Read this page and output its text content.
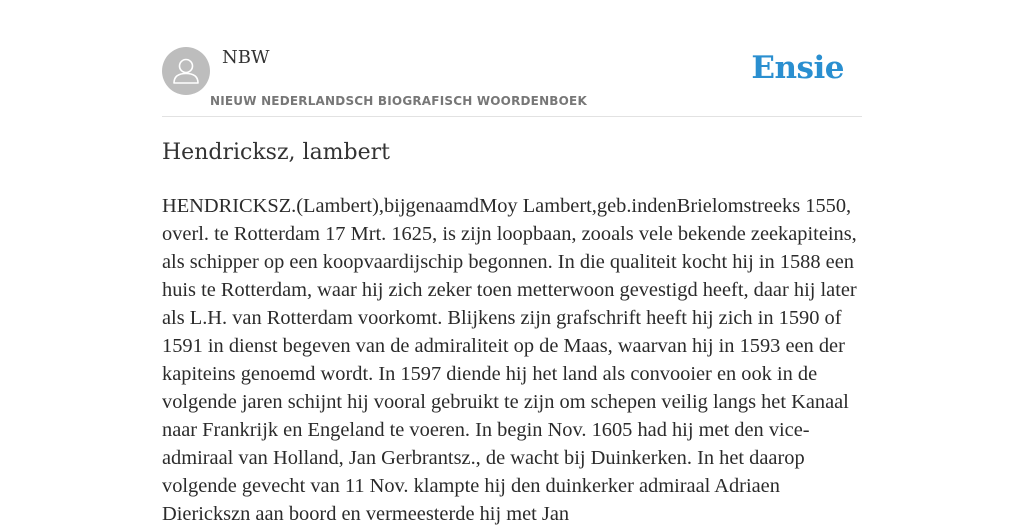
NBW
NIEUW NEDERLANDSCH BIOGRAFISCH WOORDENBOEK
Ensie
Hendricksz, lambert

HENDRICKSZ.(Lambert),bijgenaamdMoy Lambert,geb.indenBrielomstreeks 1550, overl. te Rotterdam 17 Mrt. 1625, is zijn loopbaan, zooals vele bekende zeekapiteins, als schipper op een koopvaardijschip begonnen. In die qualiteit kocht hij in 1588 een huis te Rotterdam, waar hij zich zeker toen metterwoon gevestigd heeft, daar hij later als L.H. van Rotterdam voorkomt. Blijkens zijn grafschrift heeft hij zich in 1590 of 1591 in dienst begeven van de admiraliteit op de Maas, waarvan hij in 1593 een der kapiteins genoemd wordt. In 1597 diende hij het land als convooier en ook in de volgende jaren schijnt hij vooral gebruikt te zijn om schepen veilig langs het Kanaal naar Frankrijk en Engeland te voeren. In begin Nov. 1605 had hij met den vice-admiraal van Holland, Jan Gerbrantsz., de wacht bij Duinkerken. In het daarop volgende gevecht van 11 Nov. klampte hij den duinkerker admiraal Adriaen Dierickszn aan boord en vermeesterde hij met Jan
